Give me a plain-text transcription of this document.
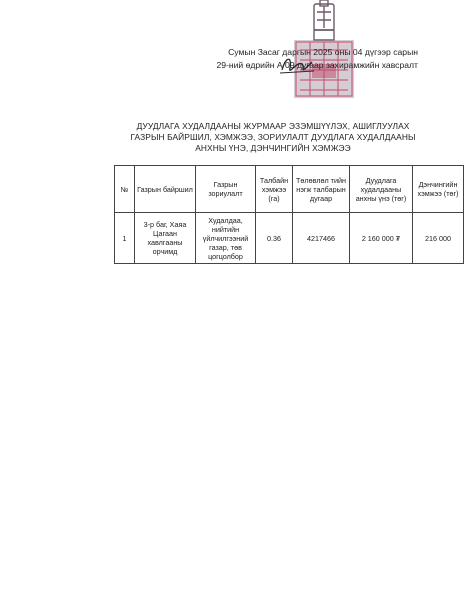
Сумын Засаг даргын 2025 оны 04 дүгээр сарын
29-ний өдрийн А/09 дугаар захирамжийн хавсралт
ДУУДЛАГА ХУДАЛДААНЫ ЖУРМААР ЭЗЭМШҮҮЛЭХ, АШИГЛУУЛАХ
ГАЗРЫН БАЙРШИЛ, ХЭМЖЭЭ, ЗОРИУЛАЛТ ДУУДЛАГА ХУДАЛДААНЫ
АНХНЫ ҮНЭ, ДЭНЧИНГИЙН ХЭМЖЭЭ
№	Газрын байршил	Газрын зориулалт	Талбайн хэмжээ (га)	Төлөвлөл тийн нэгж талбарын дугаар	Дуудлага худалдааны анхны үнэ (төг)	Дэнчингийн хэмжээ (төг)
1	3-р баг, Хаяа Цагаан хавлгааны орчимд	Худалдаа, нийтийн үйлчилгээний газар, төв цогцолбор	0.36	4217466	2 160 000 ₮	216 000
